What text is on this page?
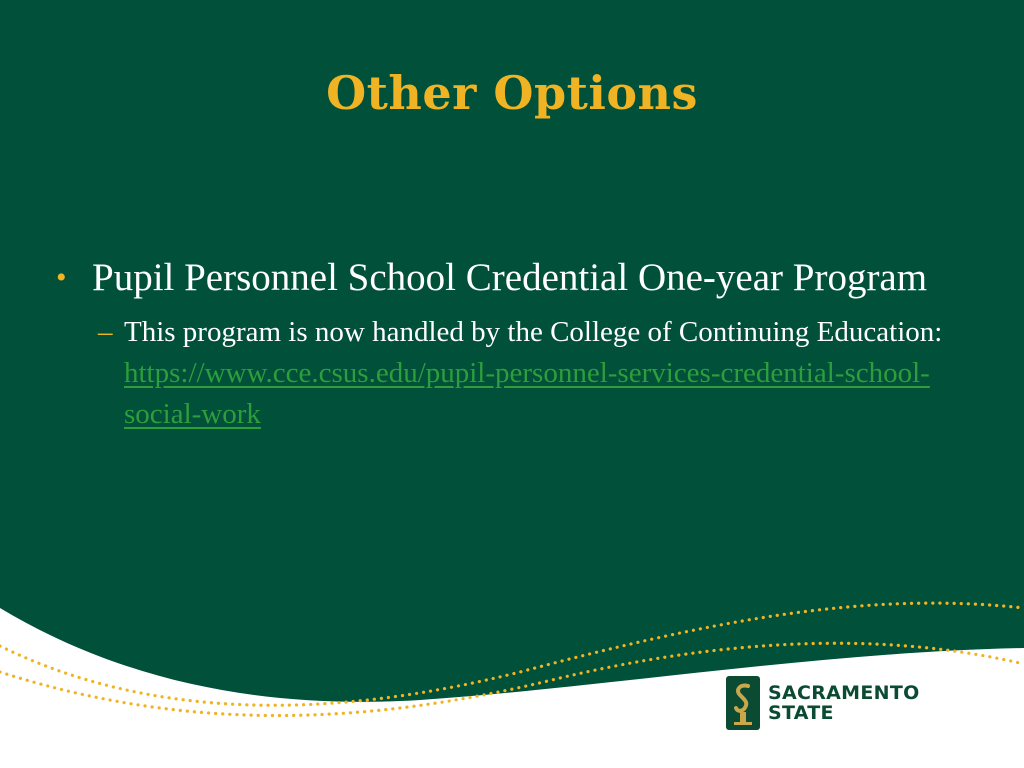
Other Options
• Pupil Personnel School Credential One-year Program
– This program is now handled by the College of Continuing Education: https://www.cce.csus.edu/pupil-personnel-services-credential-school-social-work
SACRAMENTO
STATE
